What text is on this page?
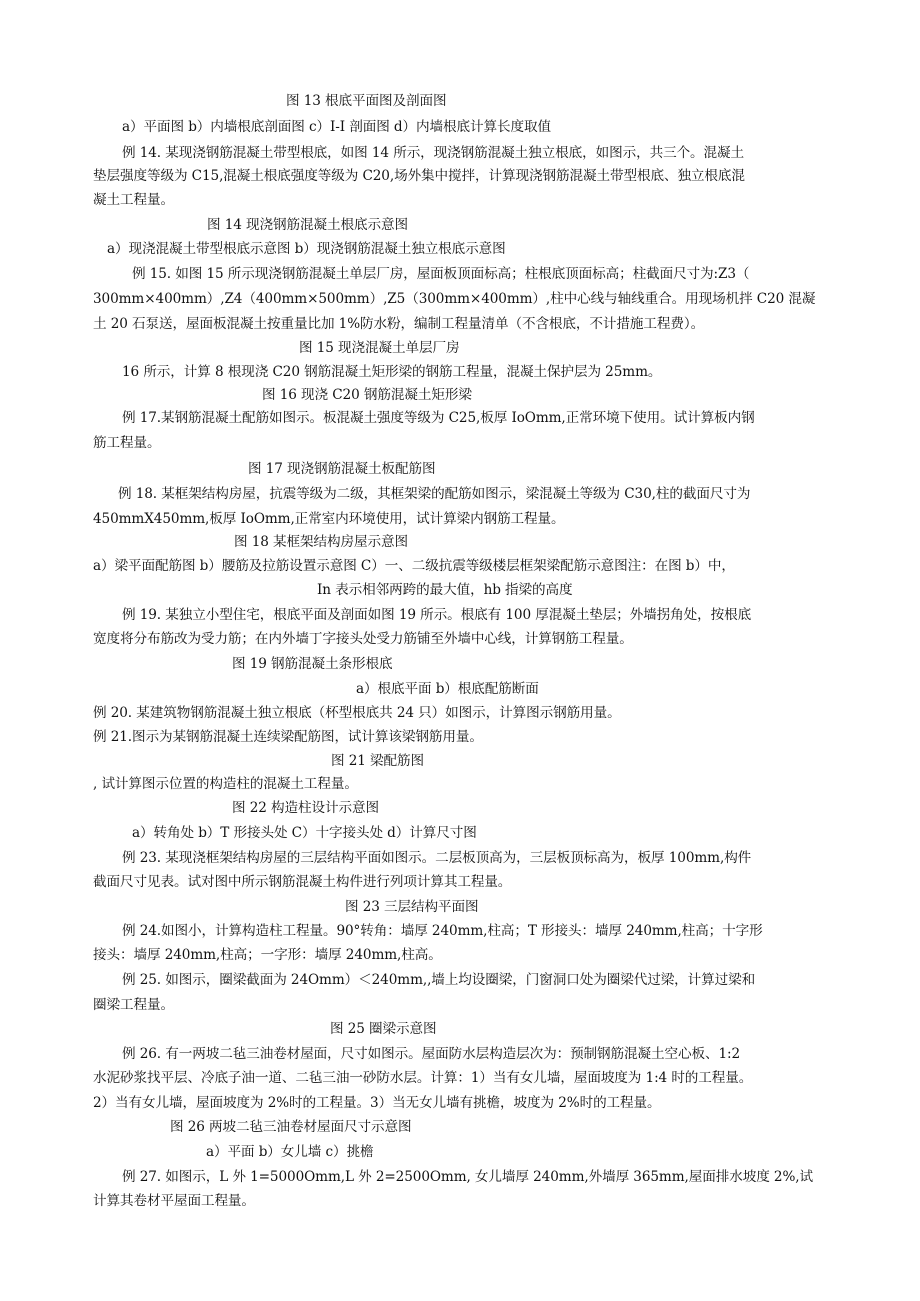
图 13 根底平面图及剖面图
a）平面图 b）内墙根底剖面图 c）I-I 剖面图 d）内墙根底计算长度取值
例 14. 某现浇钢筋混凝土带型根底，如图 14 所示，现浇钢筋混凝土独立根底，如图示，共三个。混凝土
垫层强度等级为 C15,混凝土根底强度等级为 C20,场外集中搅拌，计算现浇钢筋混凝土带型根底、独立根底混
凝土工程量。
图 14 现浇钢筋混凝土根底示意图
a）现浇混凝土带型根底示意图 b）现浇钢筋混凝土独立根底示意图
例 15. 如图 15 所示现浇钢筋混凝土单层厂房，屋面板顶面标高；柱根底顶面标高；柱截面尺寸为:Z3（
300mm×400mm）,Z4（400mm×500mm）,Z5（300mm×400mm）,柱中心线与轴线重合。用现场机拌 C20 混凝
土 20 石泵送，屋面板混凝土按重量比加 1%防水粉，编制工程量清单（不含根底，不计措施工程费）。
图 15 现浇混凝土单层厂房
16 所示，计算 8 根现浇 C20 钢筋混凝土矩形梁的钢筋工程量，混凝土保护层为 25mm。
图 16 现浇 C20 钢筋混凝土矩形梁
例 17.某钢筋混凝土配筋如图示。板混凝土强度等级为 C25,板厚 IoOmm,正常环境下使用。试计算板内钢
筋工程量。
图 17 现浇钢筋混凝土板配筋图
例 18. 某框架结构房屋，抗震等级为二级，其框架梁的配筋如图示，梁混凝土等级为 C30,柱的截面尺寸为
450mmX450mm,板厚 IoOmm,正常室内环境使用，试计算梁内钢筋工程量。
图 18 某框架结构房屋示意图
a）梁平面配筋图 b）腰筋及拉筋设置示意图 C）一、二级抗震等级楼层框架梁配筋示意图注：在图 b）中，
In 表示相邻两跨的最大值，hb 指梁的高度
例 19. 某独立小型住宅，根底平面及剖面如图 19 所示。根底有 100 厚混凝土垫层；外墙拐角处，按根底
宽度将分布筋改为受力筋；在内外墙丁字接头处受力筋铺至外墙中心线，计算钢筋工程量。
图 19 钢筋混凝土条形根底
a）根底平面 b）根底配筋断面
例 20. 某建筑物钢筋混凝土独立根底（杯型根底共 24 只）如图示，计算图示钢筋用量。
例 21.图示为某钢筋混凝土连续梁配筋图，试计算该梁钢筋用量。
图 21 梁配筋图
, 试计算图示位置的构造柱的混凝土工程量。
图 22 构造柱设计示意图
a）转角处 b）T 形接头处 C）十字接头处 d）计算尺寸图
例 23. 某现浇框架结构房屋的三层结构平面如图示。二层板顶高为，三层板顶标高为，板厚 100mm,构件
截面尺寸见表。试对图中所示钢筋混凝土构件进行列项计算其工程量。
图 23 三层结构平面图
例 24.如图小，计算构造柱工程量。90°转角：墙厚 240mm,柱高；T 形接头：墙厚 240mm,柱高；十字形
接头：墙厚 240mm,柱高；一字形：墙厚 240mm,柱高。
例 25. 如图示，圈梁截面为 24Omm）＜240mm,,墙上均设圈梁，门窗洞口处为圈梁代过梁，计算过梁和
圈梁工程量。
图 25 圈梁示意图
例 26. 有一两坡二毡三油卷材屋面，尺寸如图示。屋面防水层构造层次为：预制钢筋混凝土空心板、1:2
水泥砂浆找平层、冷底子油一道、二毡三油一砂防水层。计算：1）当有女儿墙，屋面坡度为 1:4 时的工程量。
2）当有女儿墙，屋面坡度为 2%时的工程量。3）当无女儿墙有挑檐，坡度为 2%时的工程量。
图 26 两坡二毡三油卷材屋面尺寸示意图
a）平面 b）女儿墙 c）挑檐
例 27. 如图示，L 外 1=5000Omm,L 外 2=2500Omm, 女儿墙厚 240mm,外墙厚 365mm,屋面排水坡度 2%,试
计算其卷材平屋面工程量。
